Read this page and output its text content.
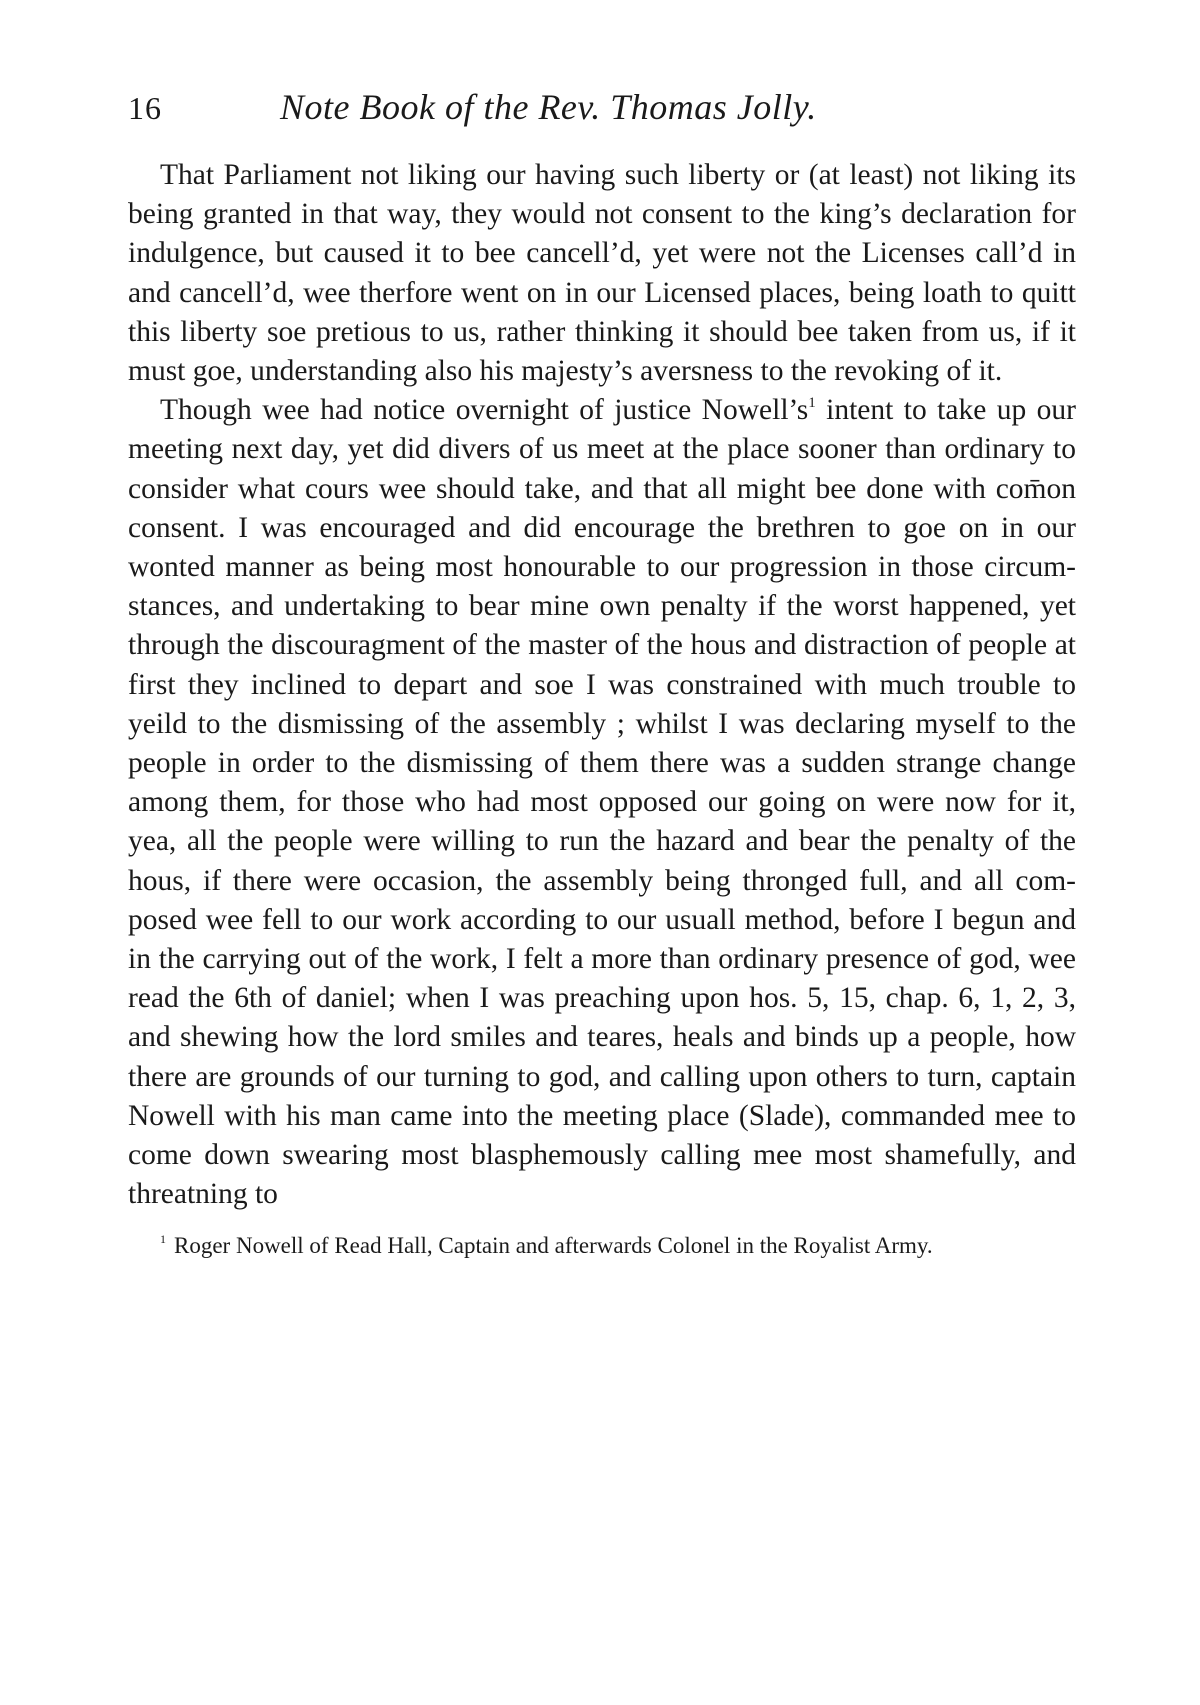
16	Note Book of the Rev. Thomas Jolly.

That Parliament not liking our having such liberty or (at least) not liking its being granted in that way, they would not consent to the king’s declaration for indulgence, but caused it to bee cancell’d, yet were not the Licenses call’d in and cancell’d, wee therfore went on in our Licensed places, being loath to quitt this liberty soe pretious to us, rather thinking it should bee taken from us, if it must goe, understanding also his majesty’s aversness to the revoking of it.

Though wee had notice overnight of justice Nowell’s$^1$ intent to take up our meeting next day, yet did divers of us meet at the place sooner than ordinary to consider what cours wee should take, and that all might bee done with com̄on consent. I was encouraged and did encourage the brethren to goe on in our wonted manner as being most honourable to our progression in those circumstances, and undertaking to bear mine own penalty if the worst happened, yet through the discouragment of the master of the hous and distraction of people at first they inclined to depart and soe I was constrained with much trouble to yeild to the dismissing of the assembly ; whilst I was declaring myself to the people in order to the dismissing of them there was a sudden strange change among them, for those who had most opposed our going on were now for it, yea, all the people were willing to run the hazard and bear the penalty of the hous, if there were occasion, the assembly being thronged full, and all composed wee fell to our work according to our usuall method, before I begun and in the carrying out of the work, I felt a more than ordinary presence of god, wee read the 6th of daniel; when I was preaching upon hos. 5, 15, chap. 6, 1, 2, 3, and shewing how the lord smiles and teares, heals and binds up a people, how there are grounds of our turning to god, and calling upon others to turn, captain Nowell with his man came into the meeting place (Slade), commanded mee to come down swearing most blasphemously calling mee most shamefully, and threatning to

$^1$ Roger Nowell of Read Hall, Captain and afterwards Colonel in the Royalist Army.
